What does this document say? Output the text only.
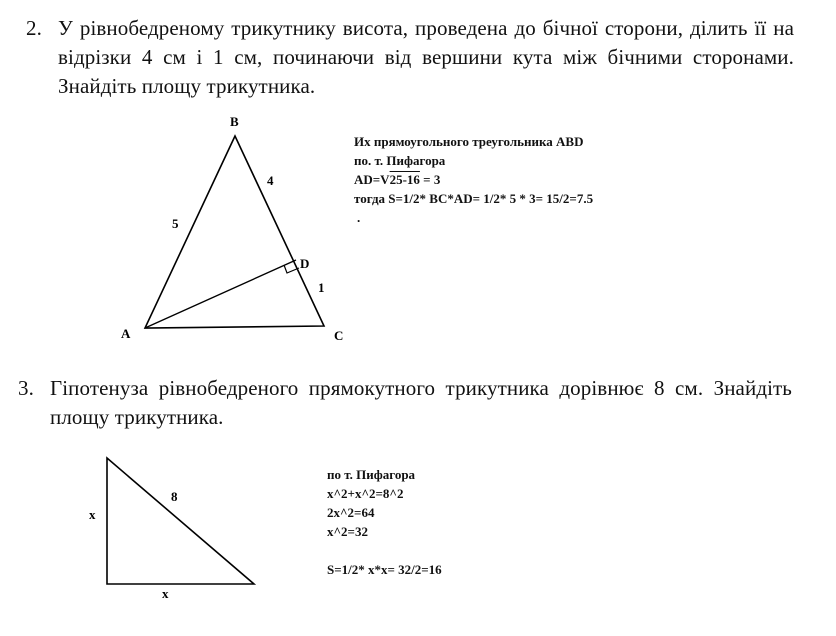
2. У рівнобедреному трикутнику висота, проведена до бічної сторони, ділить її на відрізки 4 см і 1 см, починаючи від вершини кута між бічними сторонами. Знайдіть площу трикутника.
B
A	C
D
5
4
1
x
x
8
Их прямоугольного треугольника ABD
по. т. Пифагора
AD=V25-16 = 3
тогда S=1/2* BC*AD= 1/2* 5 * 3= 15/2=7.5
.
3. Гіпотенуза рівнобедреного прямокутного трикутника дорівнює 8 см. Знайдіть площу трикутника.
по т. Пифагора
x^2+x^2=8^2
2x^2=64
x^2=32
S=1/2* x*x= 32/2=16
